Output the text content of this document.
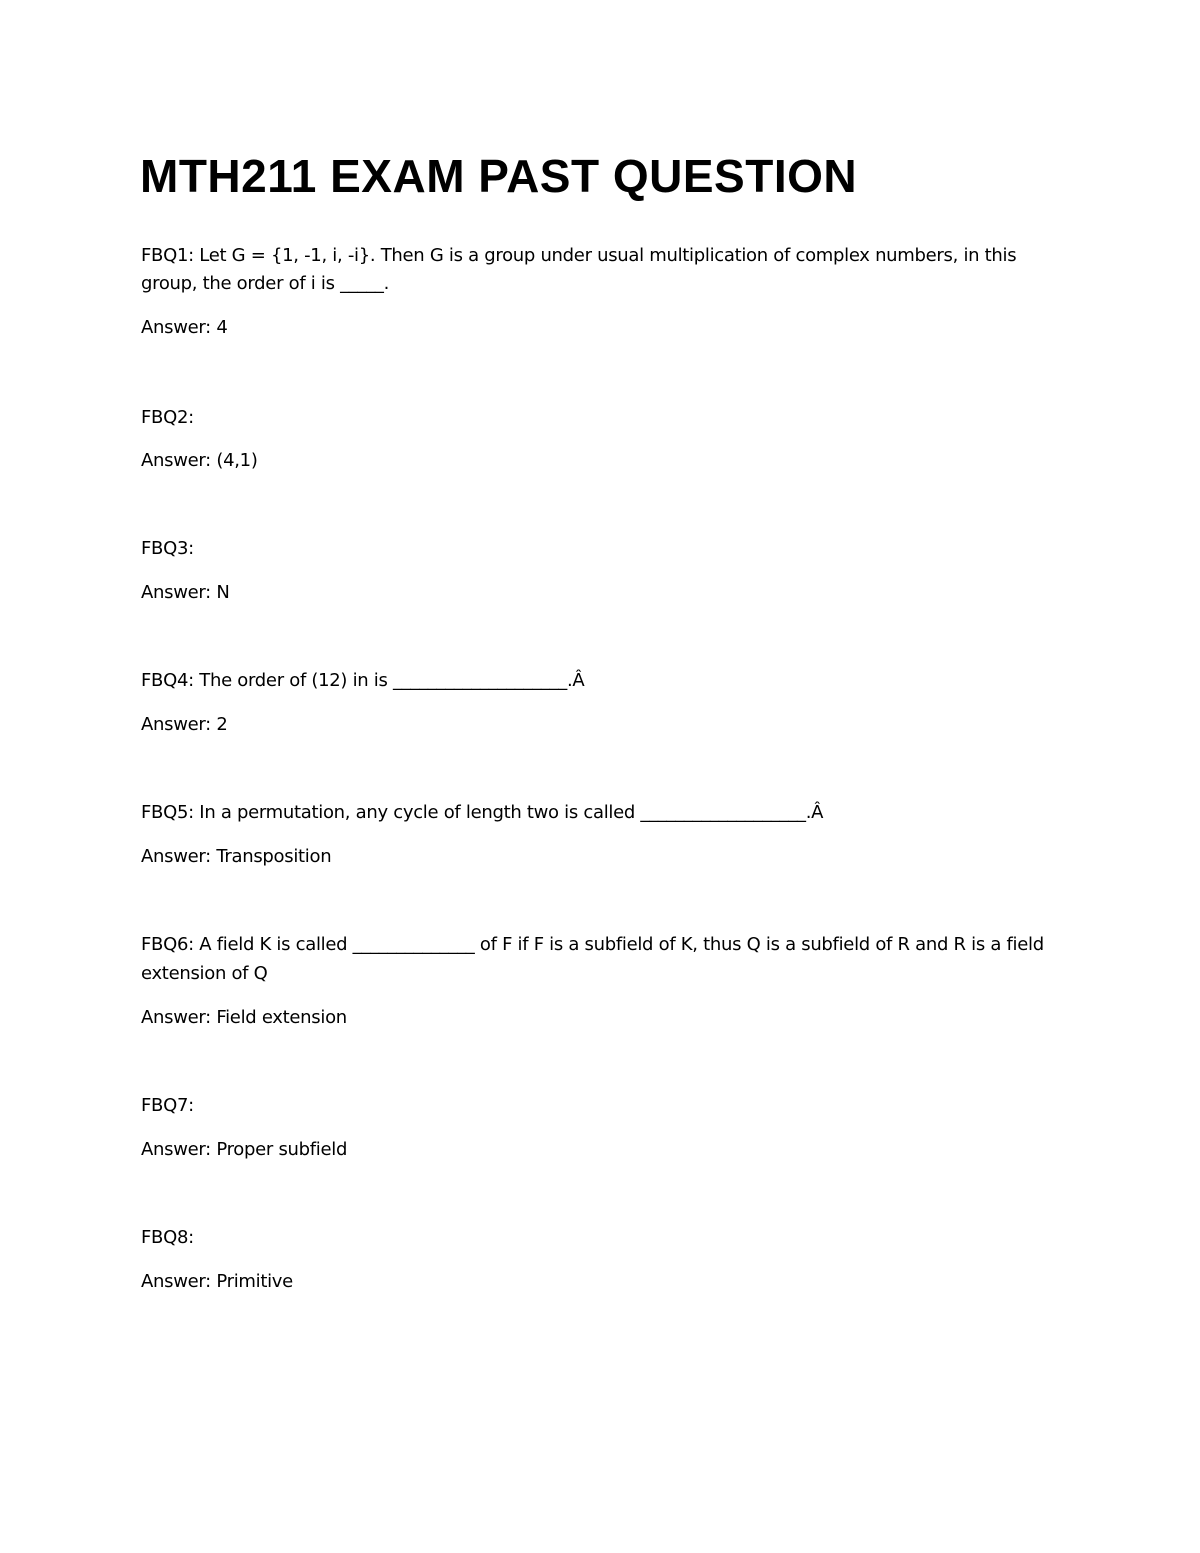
MTH211 EXAM PAST QUESTION
FBQ1: Let G = {1, -1, i, -i}. Then G is a group under usual multiplication of complex numbers, in this
group, the order of i is _____.
Answer: 4
FBQ2:
Answer: (4,1)
FBQ3:
Answer: N
FBQ4: The order of (12) in is ____________________.Â
Answer: 2
FBQ5: In a permutation, any cycle of length two is called ___________________.Â
Answer: Transposition
FBQ6: A field K is called ______________ of F if F is a subfield of K, thus Q is a subfield of R and R is a field
extension of Q
Answer: Field extension
FBQ7:
Answer: Proper subfield
FBQ8:
Answer: Primitive
